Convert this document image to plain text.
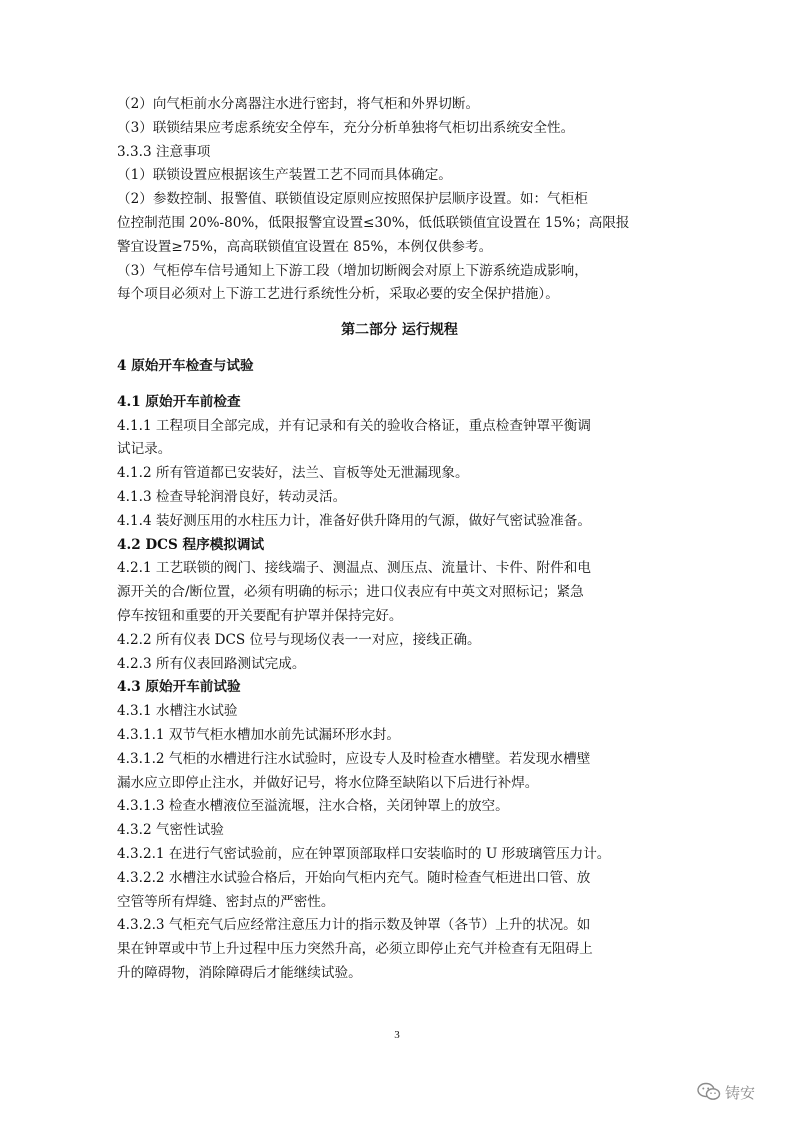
（2）向气柜前水分离器注水进行密封，将气柜和外界切断。
（3）联锁结果应考虑系统安全停车，充分分析单独将气柜切出系统安全性。
3.3.3 注意事项
（1）联锁设置应根据该生产装置工艺不同而具体确定。
（2）参数控制、报警值、联锁值设定原则应按照保护层顺序设置。如：气柜柜
位控制范围 20%-80%，低限报警宜设置≤30%，低低联锁值宜设置在 15%；高限报
警宜设置≥75%，高高联锁值宜设置在 85%，本例仅供参考。
（3）气柜停车信号通知上下游工段（增加切断阀会对原上下游系统造成影响，
每个项目必须对上下游工艺进行系统性分析，采取必要的安全保护措施）。
第二部分 运行规程
4 原始开车检查与试验
4.1 原始开车前检查
4.1.1 工程项目全部完成，并有记录和有关的验收合格证，重点检查钟罩平衡调
试记录。
4.1.2 所有管道都已安装好，法兰、盲板等处无泄漏现象。
4.1.3 检查导轮润滑良好，转动灵活。
4.1.4 装好测压用的水柱压力计，准备好供升降用的气源，做好气密试验准备。
4.2 DCS 程序模拟调试
4.2.1 工艺联锁的阀门、接线端子、测温点、测压点、流量计、卡件、附件和电
源开关的合/断位置，必须有明确的标示；进口仪表应有中英文对照标记；紧急
停车按钮和重要的开关要配有护罩并保持完好。
4.2.2 所有仪表 DCS 位号与现场仪表一一对应，接线正确。
4.2.3 所有仪表回路测试完成。
4.3 原始开车前试验
4.3.1 水槽注水试验
4.3.1.1 双节气柜水槽加水前先试漏环形水封。
4.3.1.2 气柜的水槽进行注水试验时，应设专人及时检查水槽壁。若发现水槽壁
漏水应立即停止注水，并做好记号，将水位降至缺陷以下后进行补焊。
4.3.1.3 检查水槽液位至溢流堰，注水合格，关闭钟罩上的放空。
4.3.2 气密性试验
4.3.2.1 在进行气密试验前，应在钟罩顶部取样口安装临时的 U 形玻璃管压力计。
4.3.2.2 水槽注水试验合格后，开始向气柜内充气。随时检查气柜进出口管、放
空管等所有焊缝、密封点的严密性。
4.3.2.3 气柜充气后应经常注意压力计的指示数及钟罩（各节）上升的状况。如
果在钟罩或中节上升过程中压力突然升高，必须立即停止充气并检查有无阻碍上
升的障碍物，消除障碍后才能继续试验。
3
铸安
